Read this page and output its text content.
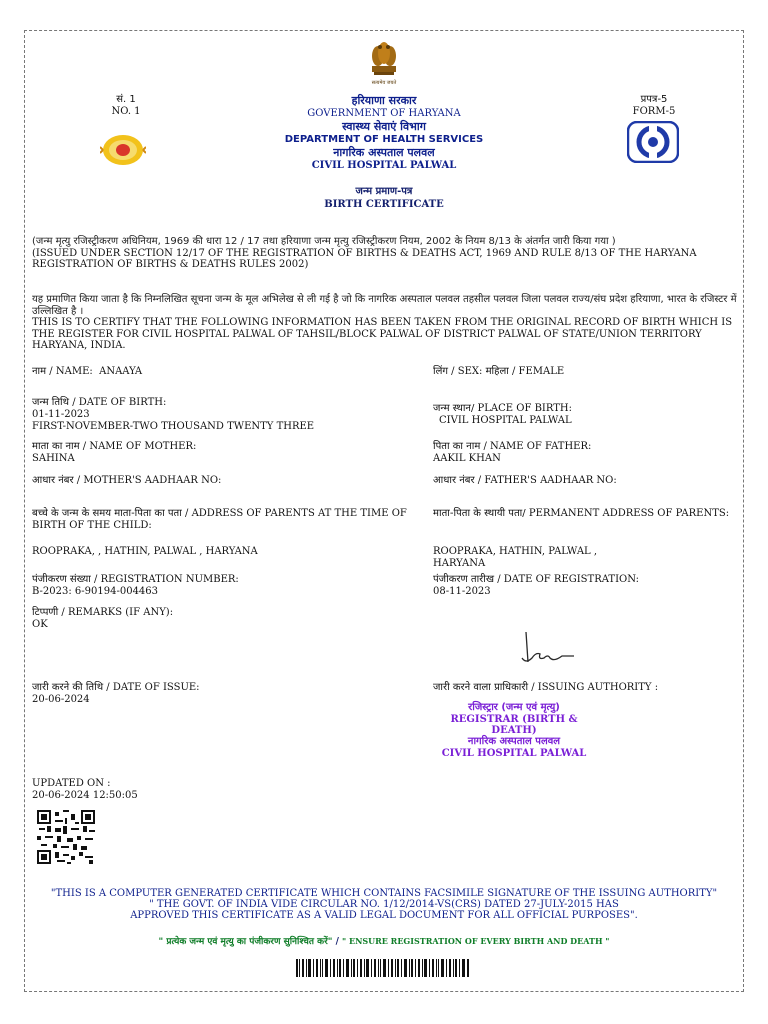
सत्यमेव जयते
सं. 1
NO. 1
हरियाणा सरकार
GOVERNMENT OF HARYANA
स्वास्थ्य सेवाएं विभाग
DEPARTMENT OF HEALTH SERVICES
नागरिक अस्पताल पलवल
CIVIL HOSPITAL PALWAL
प्रपत्र-5
FORM-5
जन्म प्रमाण-पत्र
BIRTH CERTIFICATE
(जन्म मृत्यु रजिस्ट्रीकरण अधिनियम, 1969 की धारा 12 / 17 तथा हरियाणा जन्म मृत्यु रजिस्ट्रीकरण नियम, 2002 के नियम 8/13 के अंतर्गत जारी किया गया )
(ISSUED UNDER SECTION 12/17 OF THE REGISTRATION OF BIRTHS & DEATHS ACT, 1969 AND RULE 8/13 OF THE HARYANA REGISTRATION OF BIRTHS & DEATHS RULES 2002)
यह प्रमाणित किया जाता है कि निम्नलिखित सूचना जन्म के मूल अभिलेख से ली गई है जो कि नागरिक अस्पताल पलवल तहसील पलवल जिला पलवल राज्य/संघ प्रदेश हरियाणा, भारत के रजिस्टर में उल्लिखित है ।
THIS IS TO CERTIFY THAT THE FOLLOWING INFORMATION HAS BEEN TAKEN FROM THE ORIGINAL RECORD OF BIRTH WHICH IS THE REGISTER FOR CIVIL HOSPITAL PALWAL OF TAHSIL/BLOCK PALWAL OF DISTRICT PALWAL OF STATE/UNION TERRITORY HARYANA, INDIA.
नाम / NAME: ANAAYA	लिंग / SEX: महिला / FEMALE
जन्म तिथि / DATE OF BIRTH:
01-11-2023
FIRST-NOVEMBER-TWO THOUSAND TWENTY THREE
जन्म स्थान/ PLACE OF BIRTH:
CIVIL HOSPITAL PALWAL
माता का नाम / NAME OF MOTHER:
SAHINA
पिता का नाम / NAME OF FATHER:
AAKIL KHAN
आधार नंबर / MOTHER'S AADHAAR NO:	आधार नंबर / FATHER'S AADHAAR NO:
बच्चे के जन्म के समय माता-पिता का पता / ADDRESS OF PARENTS AT THE TIME OF BIRTH OF THE CHILD:
ROOPRAKA, , HATHIN, PALWAL , HARYANA
माता-पिता के स्थायी पता/ PERMANENT ADDRESS OF PARENTS:
ROOPRAKA, HATHIN, PALWAL ,
HARYANA
पंजीकरण संख्या / REGISTRATION NUMBER:
B-2023: 6-90194-004463
पंजीकरण तारीख / DATE OF REGISTRATION:
08-11-2023
टिप्पणी / REMARKS (IF ANY):
OK
जारी करने की तिथि / DATE OF ISSUE:
20-06-2024
जारी करने वाला प्राधिकारी / ISSUING AUTHORITY :
रजिस्ट्रार (जन्म एवं मृत्यु)
REGISTRAR (BIRTH & DEATH)
नागरिक अस्पताल पलवल
CIVIL HOSPITAL PALWAL
UPDATED ON :
20-06-2024 12:50:05
"THIS IS A COMPUTER GENERATED CERTIFICATE WHICH CONTAINS FACSIMILE SIGNATURE OF THE ISSUING AUTHORITY"
" THE GOVT. OF INDIA VIDE CIRCULAR NO. 1/12/2014-VS(CRS) DATED 27-JULY-2015 HAS
APPROVED THIS CERTIFICATE AS A VALID LEGAL DOCUMENT FOR ALL OFFICIAL PURPOSES".
" प्रत्येक जन्म एवं मृत्यु का पंजीकरण सुनिश्चित करें" / " ENSURE REGISTRATION OF EVERY BIRTH AND DEATH "
